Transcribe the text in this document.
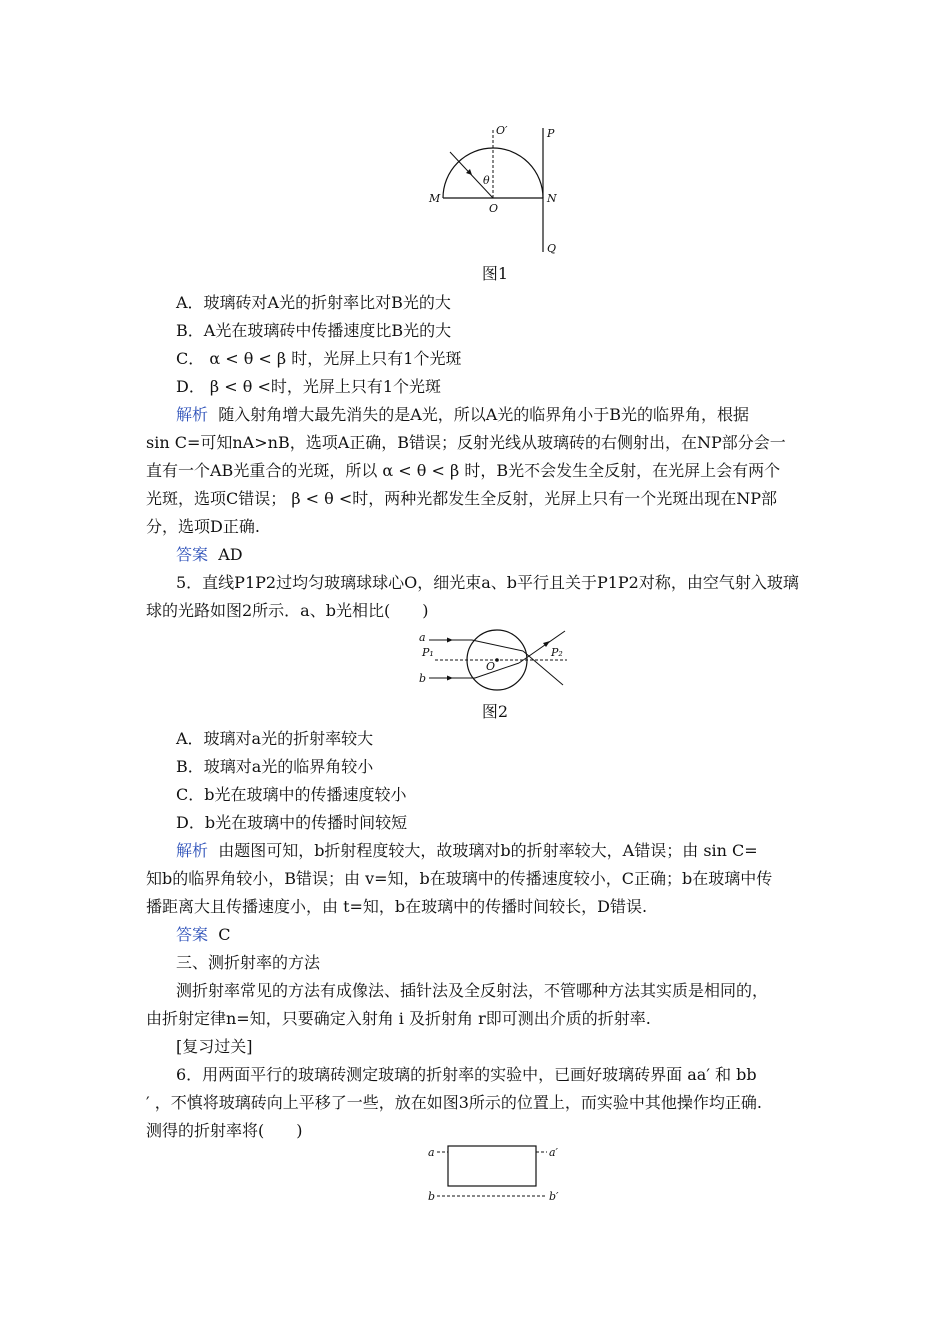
O′	P
θ
M
O
N
Q
图1
A．玻璃砖对A光的折射率比对B光的大
B．A光在玻璃砖中传播速度比B光的大
C． α < θ < β 时，光屏上只有1个光斑
D． β < θ <时，光屏上只有1个光斑
解析  随入射角增大最先消失的是A光，所以A光的临界角小于B光的临界角，根据
sin C=可知nA>nB，选项A正确，B错误；反射光线从玻璃砖的右侧射出，在NP部分会一
直有一个AB光重合的光斑，所以 α < θ < β 时，B光不会发生全反射，在光屏上会有两个
光斑，选项C错误； β < θ <时，两种光都发生全反射，光屏上只有一个光斑出现在NP部
分，选项D正确.
答案  AD
5．直线P1P2过均匀玻璃球球心O，细光束a、b平行且关于P1P2对称，由空气射入玻璃
球的光路如图2所示．a、b光相比(　　)
a
P₁
O
P₂
b
图2
A．玻璃对a光的折射率较大
B．玻璃对a光的临界角较小
C．b光在玻璃中的传播速度较小
D．b光在玻璃中的传播时间较短
解析  由题图可知，b折射程度较大，故玻璃对b的折射率较大，A错误；由 sin C=
知b的临界角较小，B错误；由 v=知，b在玻璃中的传播速度较小，C正确；b在玻璃中传
播距离大且传播速度小，由 t=知，b在玻璃中的传播时间较长，D错误.
答案  C
三、测折射率的方法
测折射率常见的方法有成像法、插针法及全反射法，不管哪种方法其实质是相同的，
由折射定律n=知，只要确定入射角 i 及折射角 r即可测出介质的折射率.
[复习过关]
6．用两面平行的玻璃砖测定玻璃的折射率的实验中，已画好玻璃砖界面 aa′ 和 bb
′ ，不慎将玻璃砖向上平移了一些，放在如图3所示的位置上，而实验中其他操作均正确.
测得的折射率将(　　)
a	a′
b	b′
